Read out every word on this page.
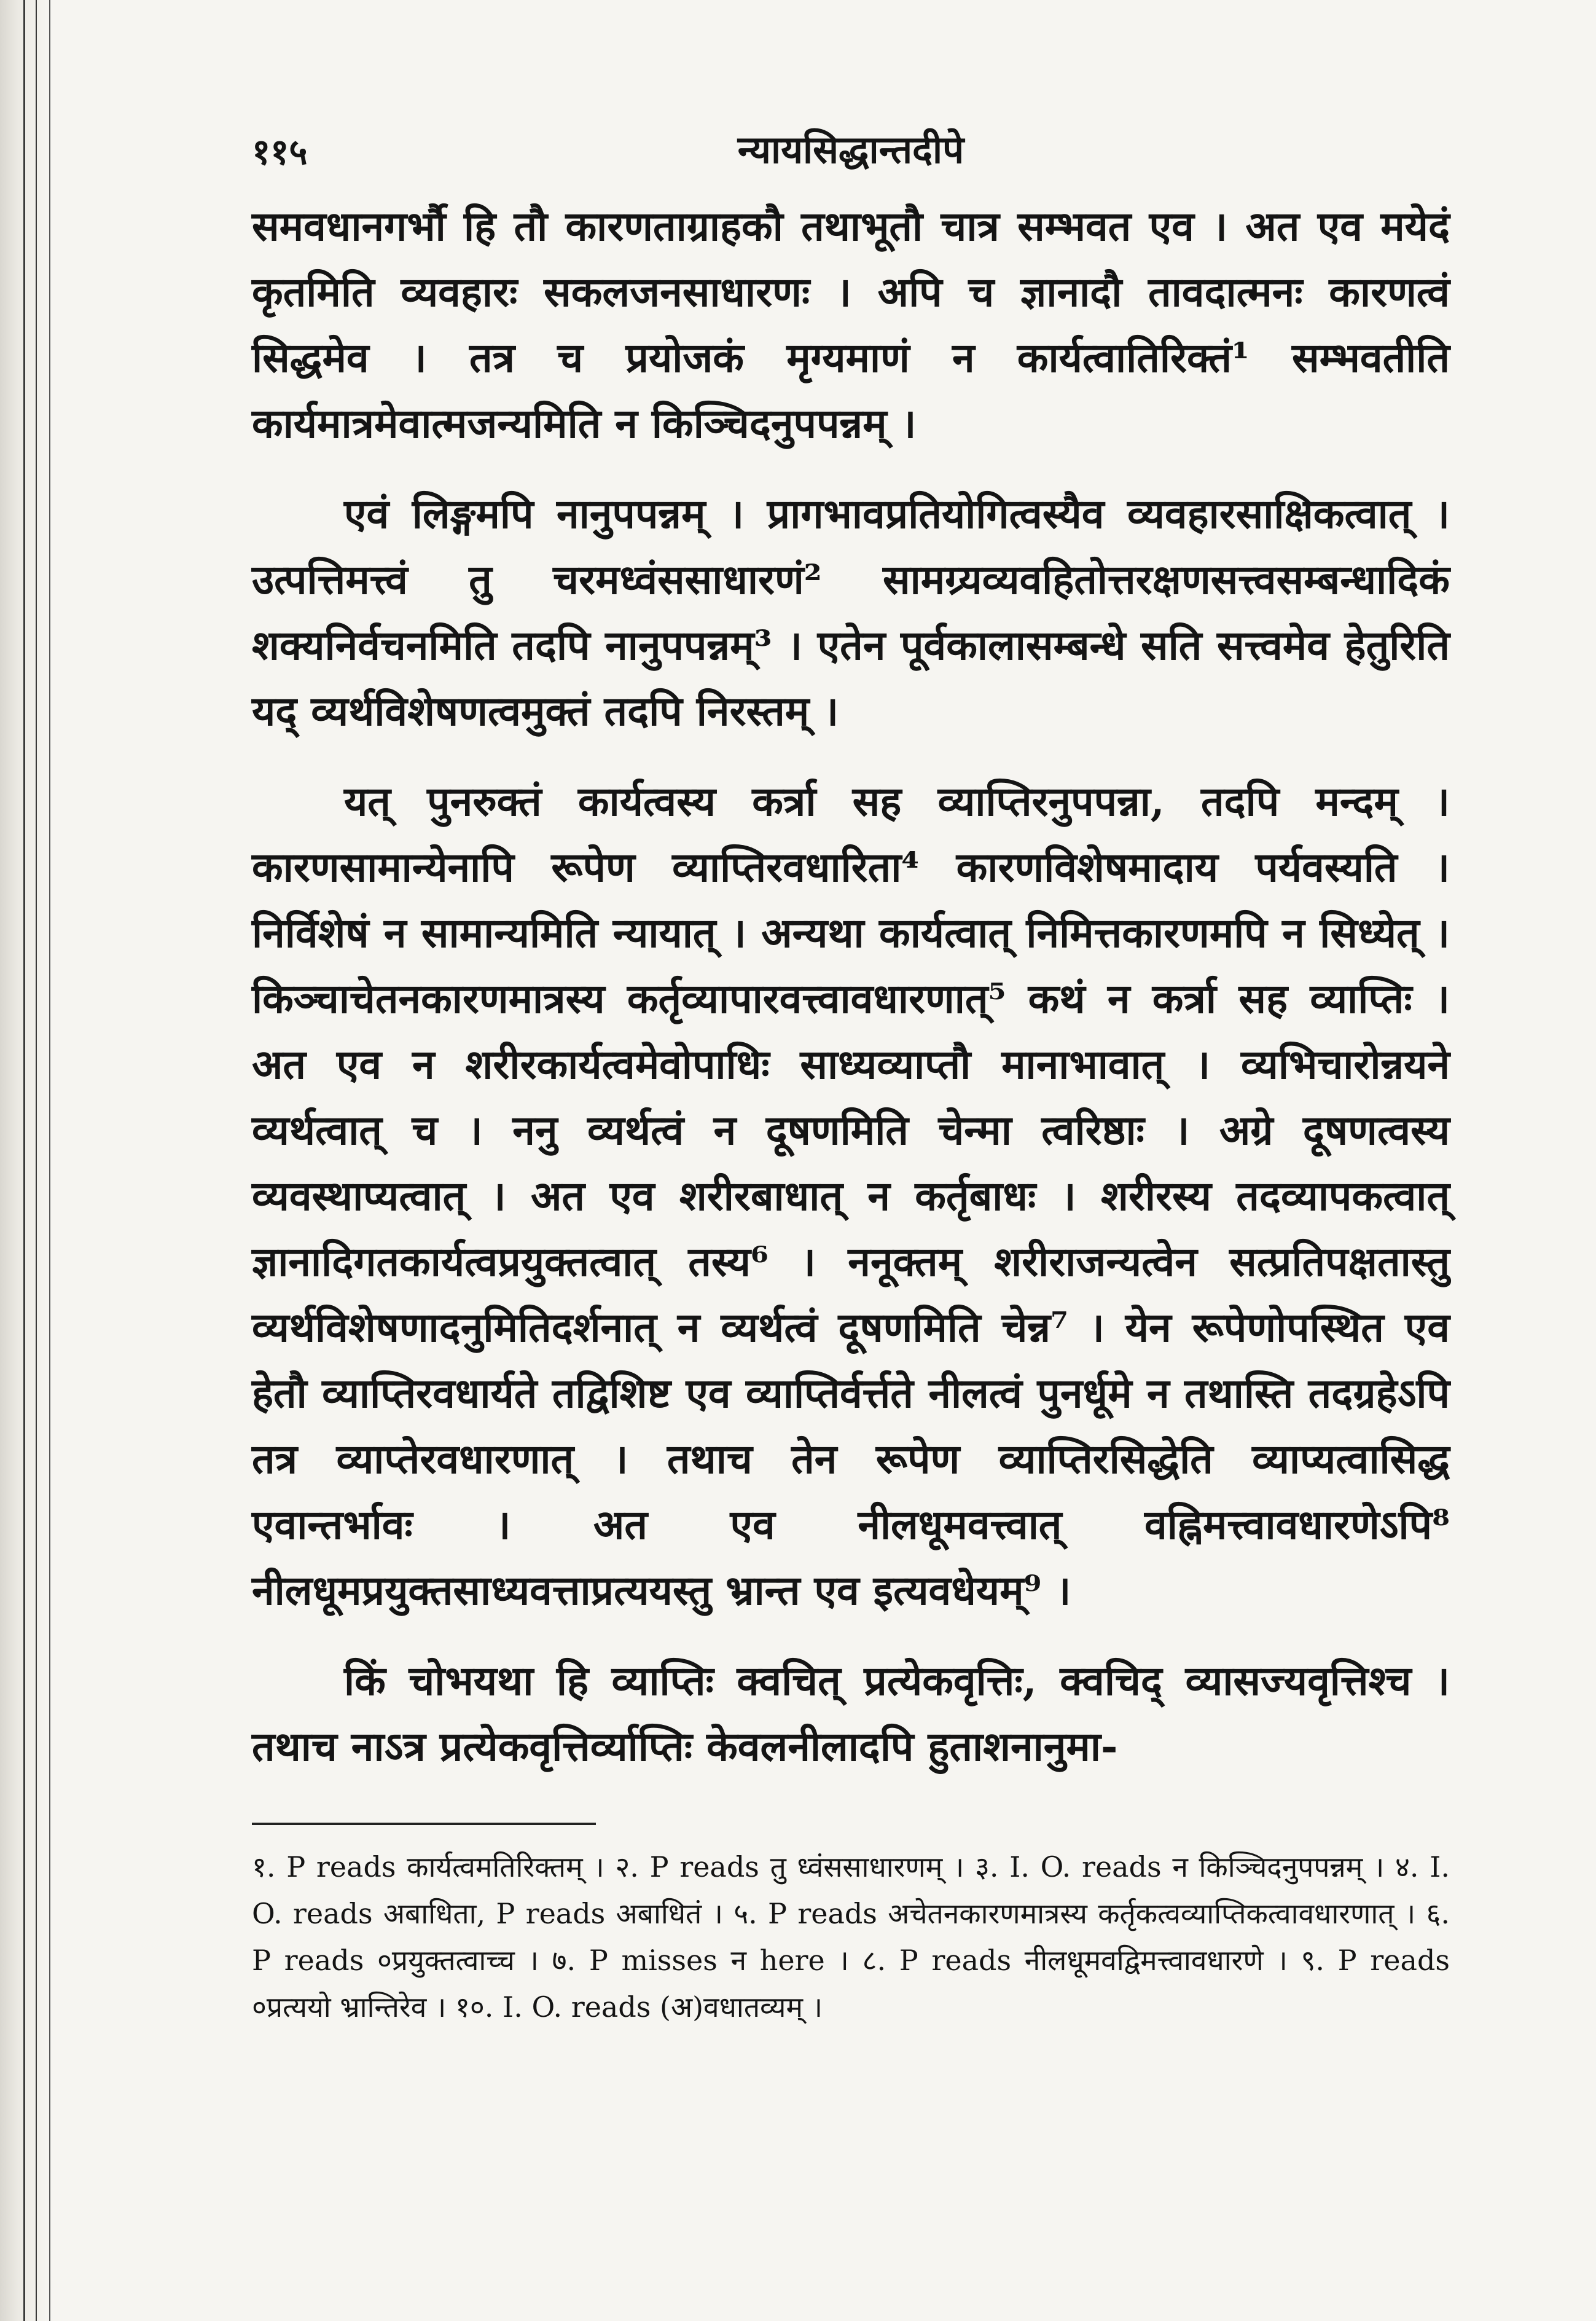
११५	न्यायसिद्धान्तदीपे

समवधानगर्भौ हि तौ कारणताग्राहकौ तथाभूतौ चात्र सम्भवत एव । अत एव मयेदं कृतमिति व्यवहारः सकलजनसाधारणः । अपि च ज्ञानादौ तावदात्मनः कारणत्वं सिद्धमेव । तत्र च प्रयोजकं मृग्यमाणं न कार्यत्वातिरिक्तं¹ सम्भवतीति कार्यमात्रमेवात्मजन्यमिति न किञ्चिदनुपपन्नम् ।

एवं लिङ्गमपि नानुपपन्नम् । प्रागभावप्रतियोगित्वस्यैव व्यवहारसाक्षिकत्वात् । उत्पत्तिमत्त्वं तु चरमध्वंससाधारणं² सामग्र्यव्यवहितोत्तरक्षणसत्त्वसम्बन्धादिकं शक्यनिर्वचनमिति तदपि नानुपपन्नम्³ । एतेन पूर्वकालासम्बन्धे सति सत्त्वमेव हेतुरिति यद् व्यर्थविशेषणत्वमुक्तं तदपि निरस्तम् ।

यत् पुनरुक्तं कार्यत्वस्य कर्त्रा सह व्याप्तिरनुपपन्ना, तदपि मन्दम् । कारणसामान्येनापि रूपेण व्याप्तिरवधारिता⁴ कारणविशेषमादाय पर्यवस्यति । निर्विशेषं न सामान्यमिति न्यायात् । अन्यथा कार्यत्वात् निमित्तकारणमपि न सिध्येत् । किञ्चाचेतनकारणमात्रस्य कर्तृव्यापारवत्त्वावधारणात्⁵ कथं न कर्त्रा सह व्याप्तिः । अत एव न शरीरकार्यत्वमेवोपाधिः साध्यव्याप्तौ मानाभावात् । व्यभिचारोन्नयने व्यर्थत्वात् च । ननु व्यर्थत्वं न दूषणमिति चेन्मा त्वरिष्ठाः । अग्रे दूषणत्वस्य व्यवस्थाप्यत्वात् । अत एव शरीरबाधात् न कर्तृबाधः । शरीरस्य तदव्यापकत्वात् ज्ञानादिगतकार्यत्वप्रयुक्तत्वात् तस्य⁶ । ननूक्तम् शरीराजन्यत्वेन सत्प्रतिपक्षतास्तु व्यर्थविशेषणादनुमितिदर्शनात् न व्यर्थत्वं दूषणमिति चेन्न⁷ । येन रूपेणोपस्थित एव हेतौ व्याप्तिरवधार्यते तद्विशिष्ट एव व्याप्तिर्वर्त्तते नीलत्वं पुनर्धूमे न तथास्ति तदग्रहेऽपि तत्र व्याप्तेरवधारणात् । तथाच तेन रूपेण व्याप्तिरसिद्धेति व्याप्यत्वासिद्ध एवान्तर्भावः । अत एव नीलधूमवत्त्वात् वह्निमत्त्वावधारणेऽपि⁸ नीलधूमप्रयुक्तसाध्यवत्ताप्रत्ययस्तु भ्रान्त एव इत्यवधेयम्⁹ ।

किं चोभयथा हि व्याप्तिः क्वचित् प्रत्येकवृत्तिः, क्वचिद् व्यासज्यवृत्तिश्च । तथाच नाऽत्र प्रत्येकवृत्तिर्व्याप्तिः केवलनीलादपि हुताशनानुमा-

१. P reads कार्यत्वमतिरिक्तम् । २. P reads तु ध्वंससाधारणम् । ३. I. O. reads न किञ्चिदनुपपन्नम् । ४. I. O. reads अबाधिता, P reads अबाधितं । ५. P reads अचेतनकारणमात्रस्य कर्तृकत्वव्याप्तिकत्वावधारणात् । ६. P reads ०प्रयुक्तत्वाच्च । ७. P misses न here । ८. P reads नीलधूमवद्विमत्त्वावधारणे । ९. P reads ०प्रत्ययो भ्रान्तिरेव । १०. I. O. reads (अ)वधातव्यम् ।
